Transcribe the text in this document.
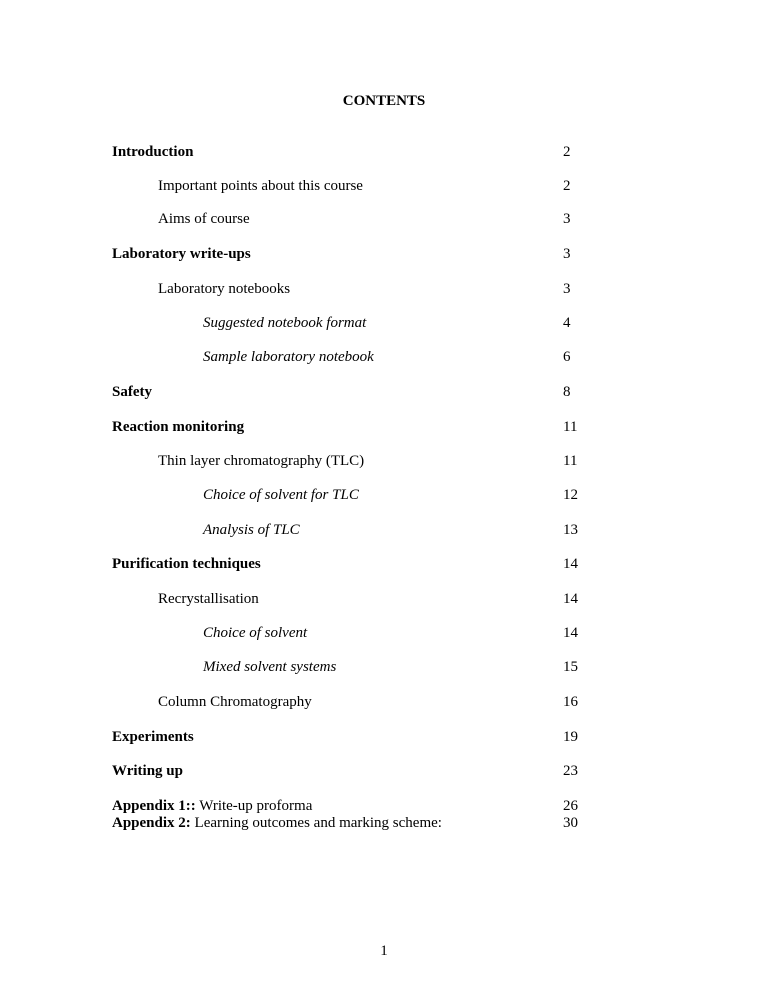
CONTENTS
Introduction	2
Important points about this course	2
Aims of course	3
Laboratory write-ups	3
Laboratory notebooks	3
Suggested notebook format	4
Sample laboratory notebook	6
Safety	8
Reaction monitoring	11
Thin layer chromatography (TLC)	11
Choice of solvent for TLC	12
Analysis of TLC	13
Purification techniques	14
Recrystallisation	14
Choice of solvent	14
Mixed solvent systems	15
Column Chromatography	16
Experiments	19
Writing up	23
Appendix 1:: Write-up proforma	26
Appendix 2: Learning outcomes and marking scheme:	30
1
